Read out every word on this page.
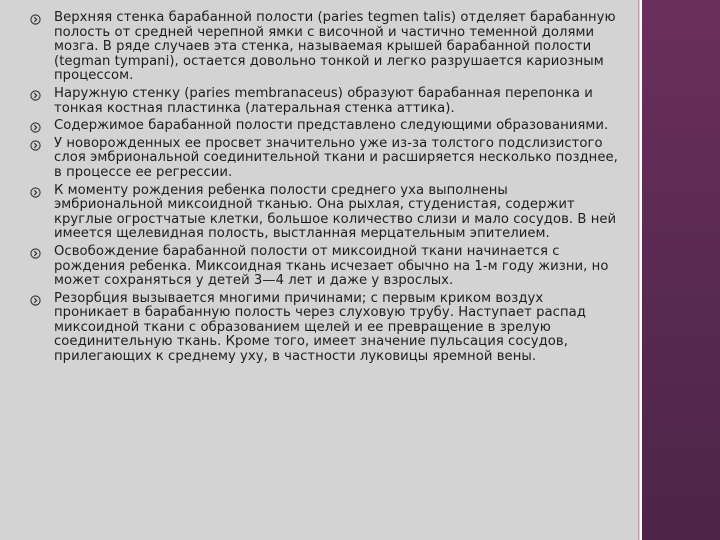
Верхняя стенка барабанной полости (paries tegmen talis) отделяет барабанную полость от средней черепной ямки с височной и частично теменной долями мозга. В ряде случаев эта стенка, называемая крышей барабанной полости (tegman tympani), остается довольно тонкой и легко разрушается кариозным процессом.
Наружную стенку (paries membranaceus) образуют барабанная перепонка и тонкая костная пластинка (латеральная стенка аттика).
Содержимое барабанной полости представлено следующими образованиями.
У новорожденных ее просвет значительно уже из-за толстого подслизистого слоя эмбриональной соединительной ткани и расширяется несколько позднее, в процессе ее регрессии.
К моменту рождения ребенка полости среднего уха выполнены эмбриональной миксоидной тканью. Она рыхлая, студенистая, содержит круглые огростчатые клетки, большое количество слизи и мало сосудов. В ней имеется щелевидная полость, выстланная мерцательным эпителием.
Освобождение барабанной полости от миксоидной ткани начинается с рождения ребенка. Миксоидная ткань исчезает обычно на 1-м году жизни, но может сохраняться у детей 3—4 лет и даже у взрослых.
Резорбция вызывается многими причинами; с первым криком воздух проникает в барабанную полость через слуховую трубу. Наступает распад миксоидной ткани с образованием щелей и ее превращение в зрелую соединительную ткань. Кроме того, имеет значение пульсация сосудов, прилегающих к среднему уху, в частности луковицы яремной вены.
